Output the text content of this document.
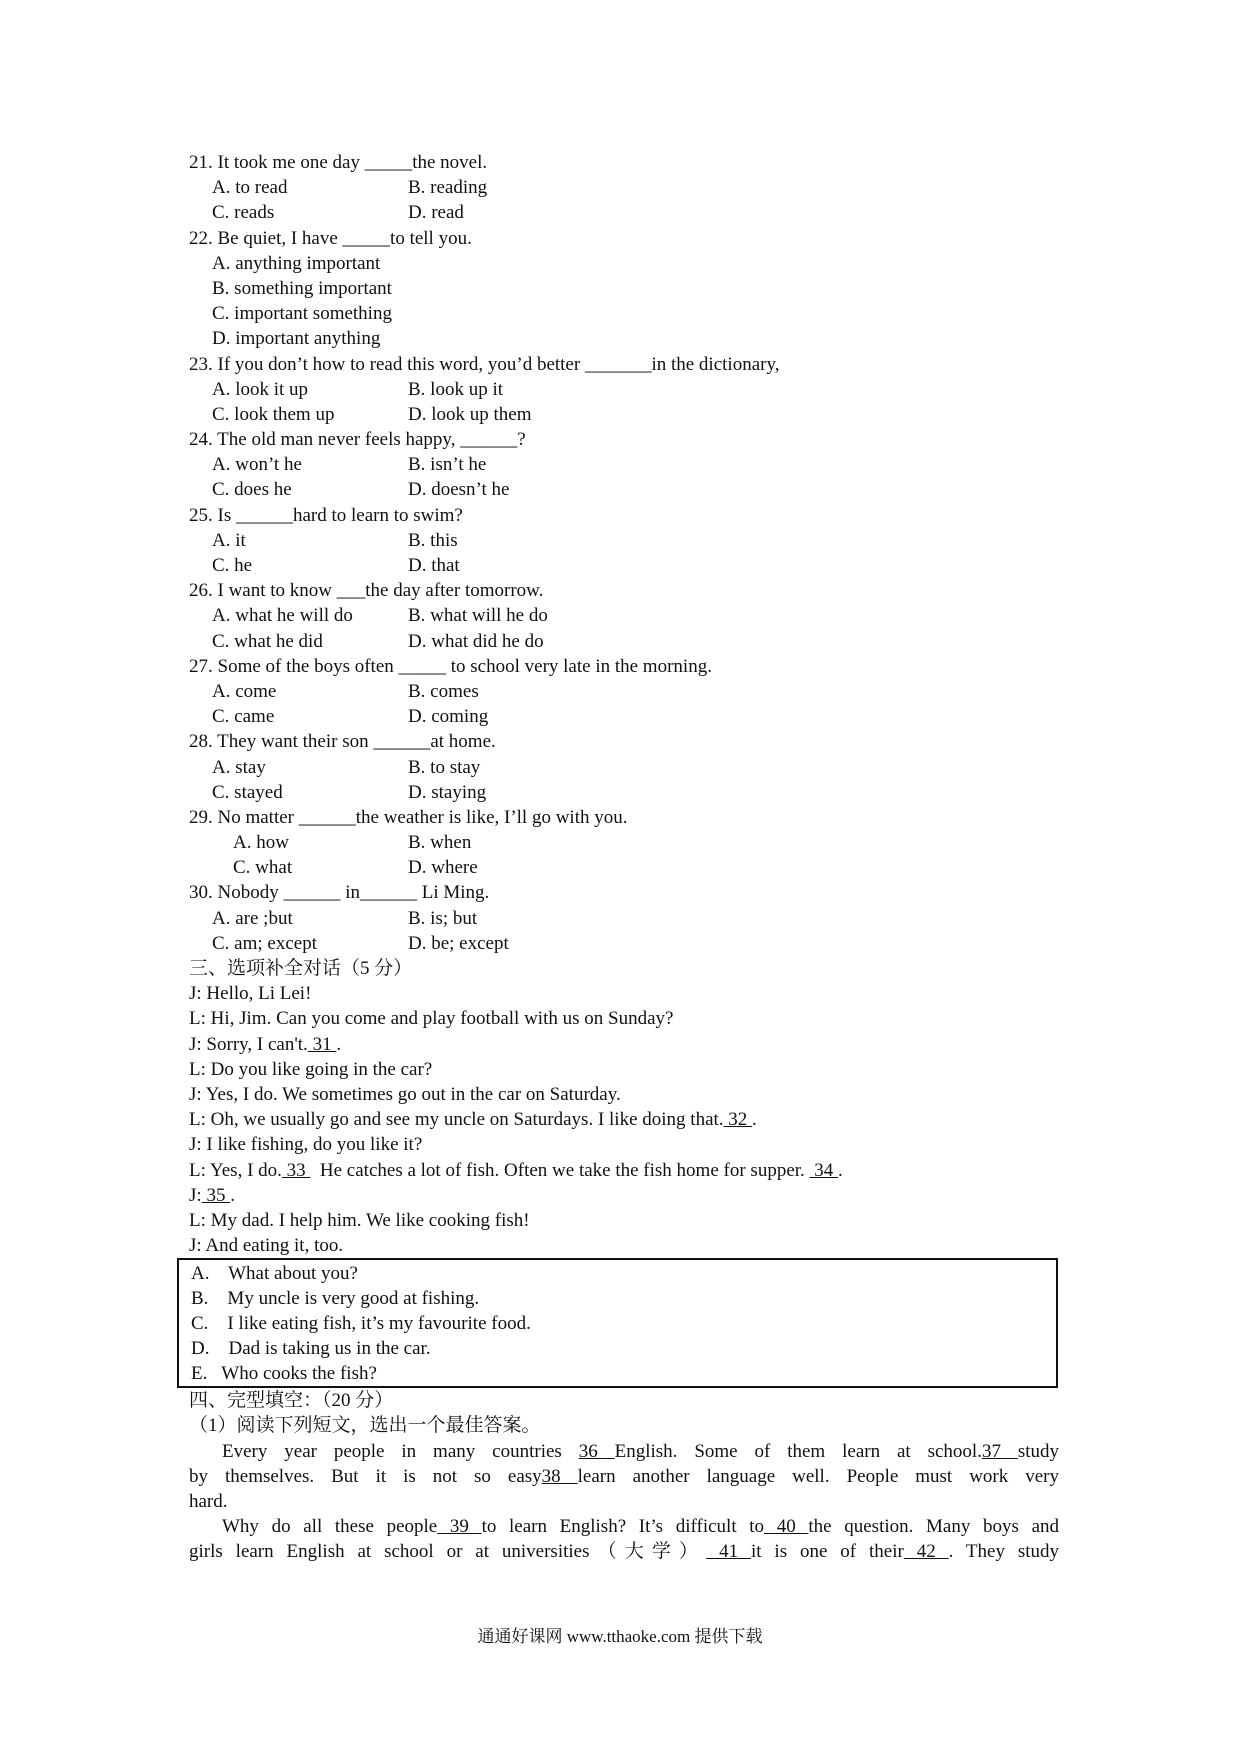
21. It took me one day _____the novel.
A. to read	B. reading
C. reads	D. read
22. Be quiet, I have _____to tell you.
A. anything important
B. something important
C. important something
D. important anything
23. If you don’t how to read this word, you’d better _______in the dictionary,
A. look it up	B. look up it
C. look them up	D. look up them
24. The old man never feels happy, ______?
A. won’t he	B. isn’t he
C. does he	D. doesn’t he
25. Is ______hard to learn to swim?
A. it	B. this
C. he	D. that
26. I want to know ___the day after tomorrow.
A. what he will do	B. what will he do
C. what he did	D. what did he do
27. Some of the boys often _____ to school very late in the morning.
A. come	B. comes
C. came	D. coming
28. They want their son ______at home.
A. stay	B. to stay
C. stayed	D. staying
29. No matter ______the weather is like, I’ll go with you.
A. how	B. when
C. what	D. where
30. Nobody ______ in______ Li Ming.
A. are ;but	B. is; but
C. am; except	D. be; except
三、选项补全对话（5 分）
J: Hello, Li Lei!
L: Hi, Jim. Can you come and play football with us on Sunday?
J: Sorry, I can't. 31 .
L: Do you like going in the car?
J: Yes, I do. We sometimes go out in the car on Saturday.
L: Oh, we usually go and see my uncle on Saturdays. I like doing that. 32 .
J: I like fishing, do you like it?
L: Yes, I do. 33   He catches a lot of fish. Often we take the fish home for supper.  34 .
J: 35 .
L: My dad. I help him. We like cooking fish!
J: And eating it, too.
A.    What about you?
B.    My uncle is very good at fishing.
C.    I like eating fish, it’s my favourite food.
D.    Dad is taking us in the car.
E.   Who cooks the fish?
四、完型填空：（20 分）
（1）阅读下列短文，选出一个最佳答案。
Every year people in many countries 36 English. Some of them learn at school.37 study
by themselves. But it is not so easy38 learn another language well. People must work very
hard.
Why do all these people 39 to learn English? It’s difficult to 40 the question. Many boys and
girls learn English at school or at universities（大学） 41 it is one of their 42 . They study
通通好课网 www.tthaoke.com 提供下载
